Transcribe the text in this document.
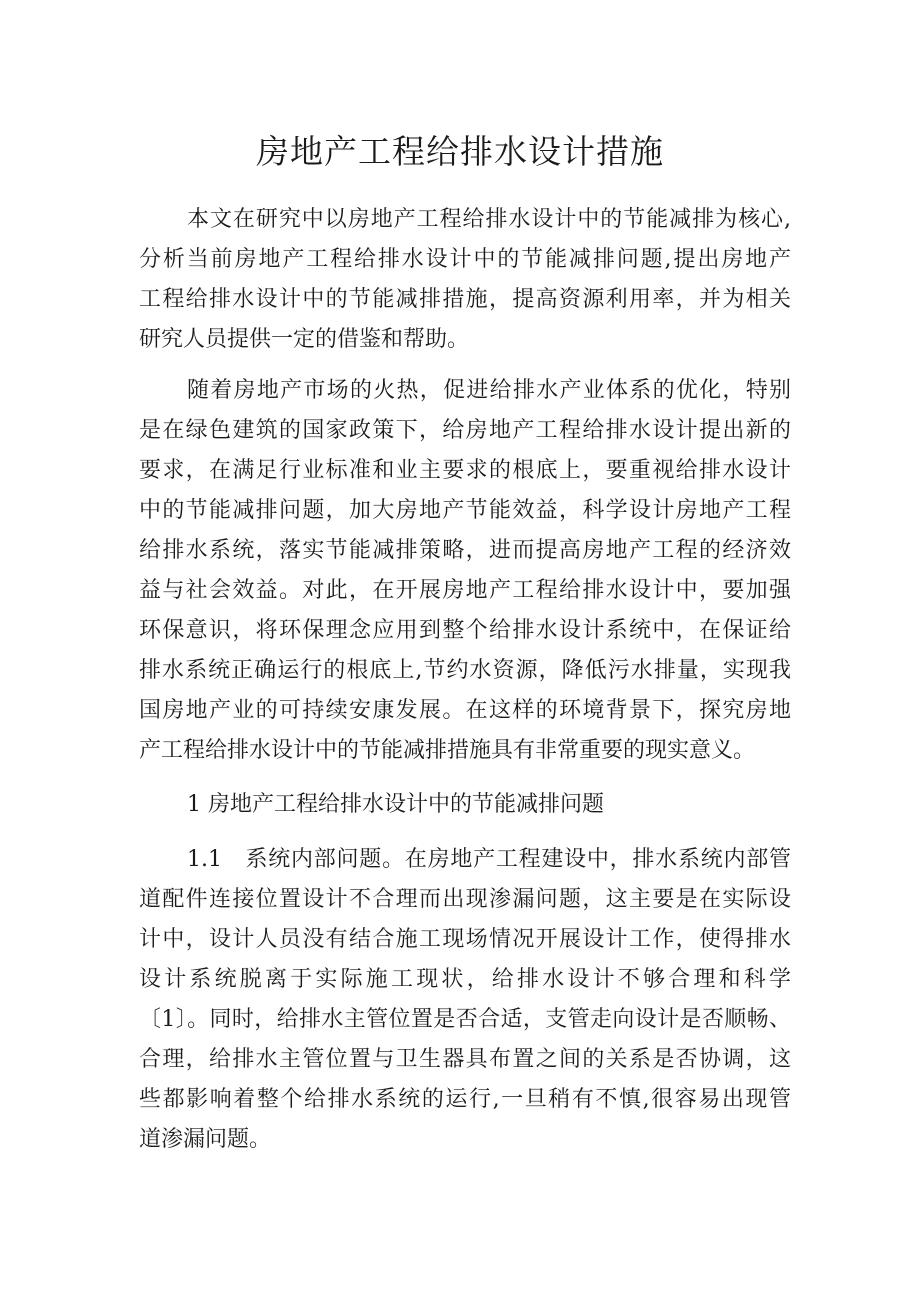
房地产工程给排水设计措施
本文在研究中以房地产工程给排水设计中的节能减排为核心,
分析当前房地产工程给排水设计中的节能减排问题,提出房地产
工程给排水设计中的节能减排措施，提高资源利用率，并为相关
研究人员提供一定的借鉴和帮助。
随着房地产市场的火热，促进给排水产业体系的优化，特别
是在绿色建筑的国家政策下，给房地产工程给排水设计提出新的
要求，在满足行业标准和业主要求的根底上，要重视给排水设计
中的节能减排问题，加大房地产节能效益，科学设计房地产工程
给排水系统，落实节能减排策略，进而提高房地产工程的经济效
益与社会效益。对此，在开展房地产工程给排水设计中，要加强
环保意识，将环保理念应用到整个给排水设计系统中，在保证给
排水系统正确运行的根底上,节约水资源，降低污水排量，实现我
国房地产业的可持续安康发展。在这样的环境背景下，探究房地
产工程给排水设计中的节能减排措施具有非常重要的现实意义。
1 房地产工程给排水设计中的节能减排问题
1.1　系统内部问题。在房地产工程建设中，排水系统内部管
道配件连接位置设计不合理而出现渗漏问题，这主要是在实际设
计中，设计人员没有结合施工现场情况开展设计工作，使得排水
设计系统脱离于实际施工现状，给排水设计不够合理和科学
〔1〕。同时，给排水主管位置是否合适，支管走向设计是否顺畅、
合理，给排水主管位置与卫生器具布置之间的关系是否协调，这
些都影响着整个给排水系统的运行,一旦稍有不慎,很容易出现管
道渗漏问题。
